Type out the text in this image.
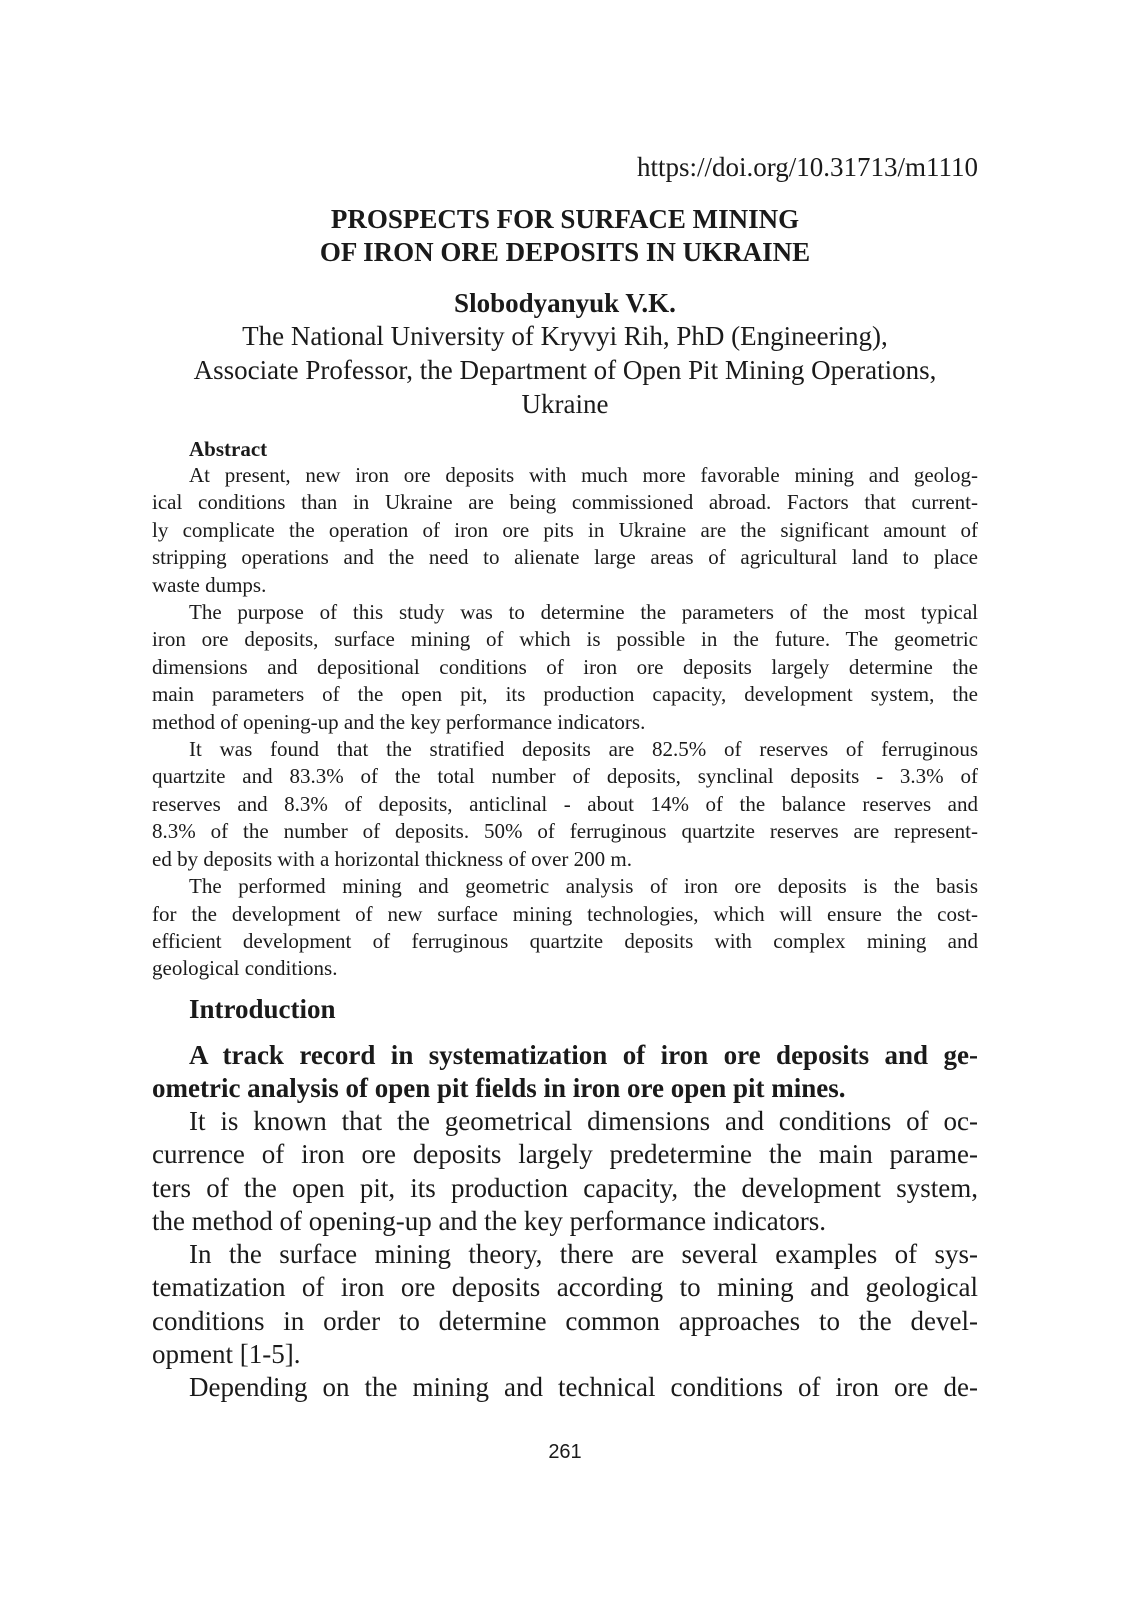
https://doi.org/10.31713/m1110
PROSPECTS FOR SURFACE MINING
OF IRON ORE DEPOSITS IN UKRAINE
Slobodyanyuk V.K.
The National University of Kryvyi Rih, PhD (Engineering),
Associate Professor, the Department of Open Pit Mining Operations,
Ukraine
Abstract
At present, new iron ore deposits with much more favorable mining and geolog-
ical conditions than in Ukraine are being commissioned abroad. Factors that current-
ly complicate the operation of iron ore pits in Ukraine are the significant amount of
stripping operations and the need to alienate large areas of agricultural land to place
waste dumps.
The purpose of this study was to determine the parameters of the most typical
iron ore deposits, surface mining of which is possible in the future. The geometric
dimensions and depositional conditions of iron ore deposits largely determine the
main parameters of the open pit, its production capacity, development system, the
method of opening-up and the key performance indicators.
It was found that the stratified deposits are 82.5% of reserves of ferruginous
quartzite and 83.3% of the total number of deposits, synclinal deposits - 3.3% of
reserves and 8.3% of deposits, anticlinal - about 14% of the balance reserves and
8.3% of the number of deposits. 50% of ferruginous quartzite reserves are represent-
ed by deposits with a horizontal thickness of over 200 m.
The performed mining and geometric analysis of iron ore deposits is the basis
for the development of new surface mining technologies, which will ensure the cost-
efficient development of ferruginous quartzite deposits with complex mining and
geological conditions.
Introduction
A track record in systematization of iron ore deposits and ge-
ometric analysis of open pit fields in iron ore open pit mines.
It is known that the geometrical dimensions and conditions of oc-
currence of iron ore deposits largely predetermine the main parame-
ters of the open pit, its production capacity, the development system,
the method of opening-up and the key performance indicators.
In the surface mining theory, there are several examples of sys-
tematization of iron ore deposits according to mining and geological
conditions in order to determine common approaches to the devel-
opment [1-5].
Depending on the mining and technical conditions of iron ore de-
261
